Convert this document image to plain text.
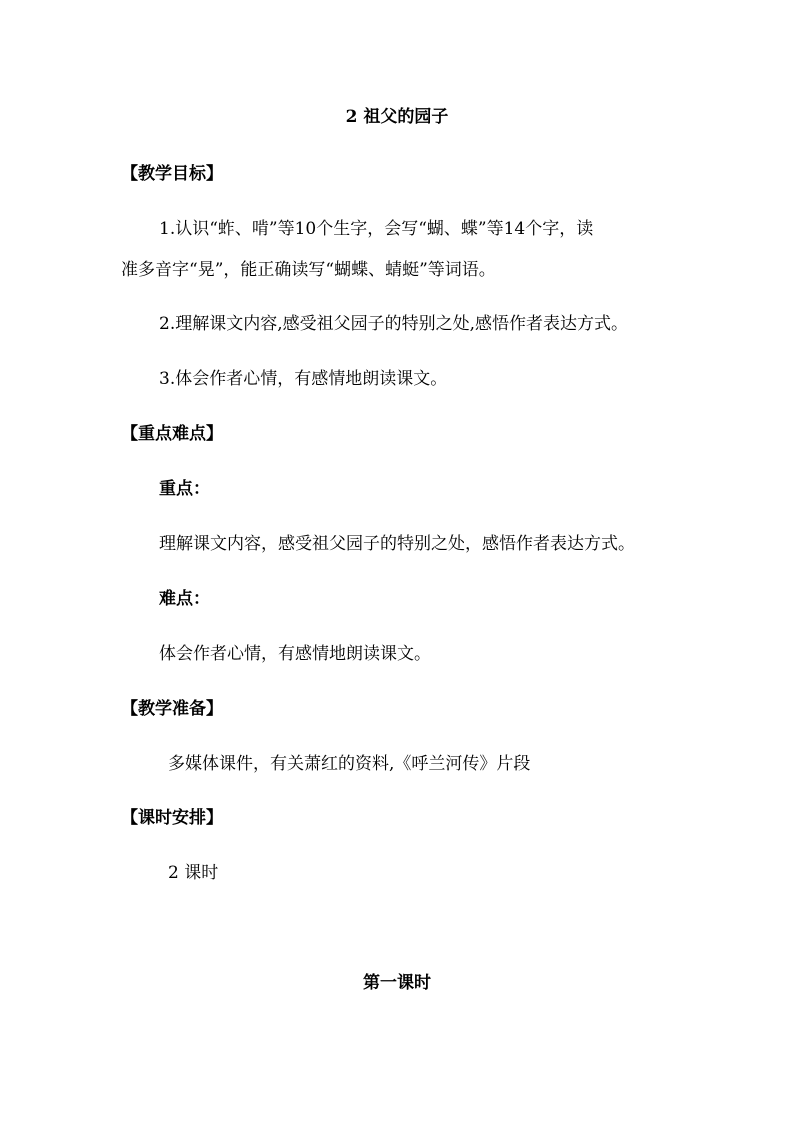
2 祖父的园子
【教学目标】
1.认识“蚱、啃”等10个生字，会写“蝴、蝶”等14个字，读
准多音字“晃”，能正确读写“蝴蝶、蜻蜓”等词语。
2.理解课文内容,感受祖父园子的特别之处,感悟作者表达方式。
3.体会作者心情，有感情地朗读课文。
【重点难点】
重点：
理解课文内容，感受祖父园子的特别之处，感悟作者表达方式。
难点：
体会作者心情，有感情地朗读课文。
【教学准备】
多媒体课件，有关萧红的资料,《呼兰河传》片段
【课时安排】
2 课时
第一课时
